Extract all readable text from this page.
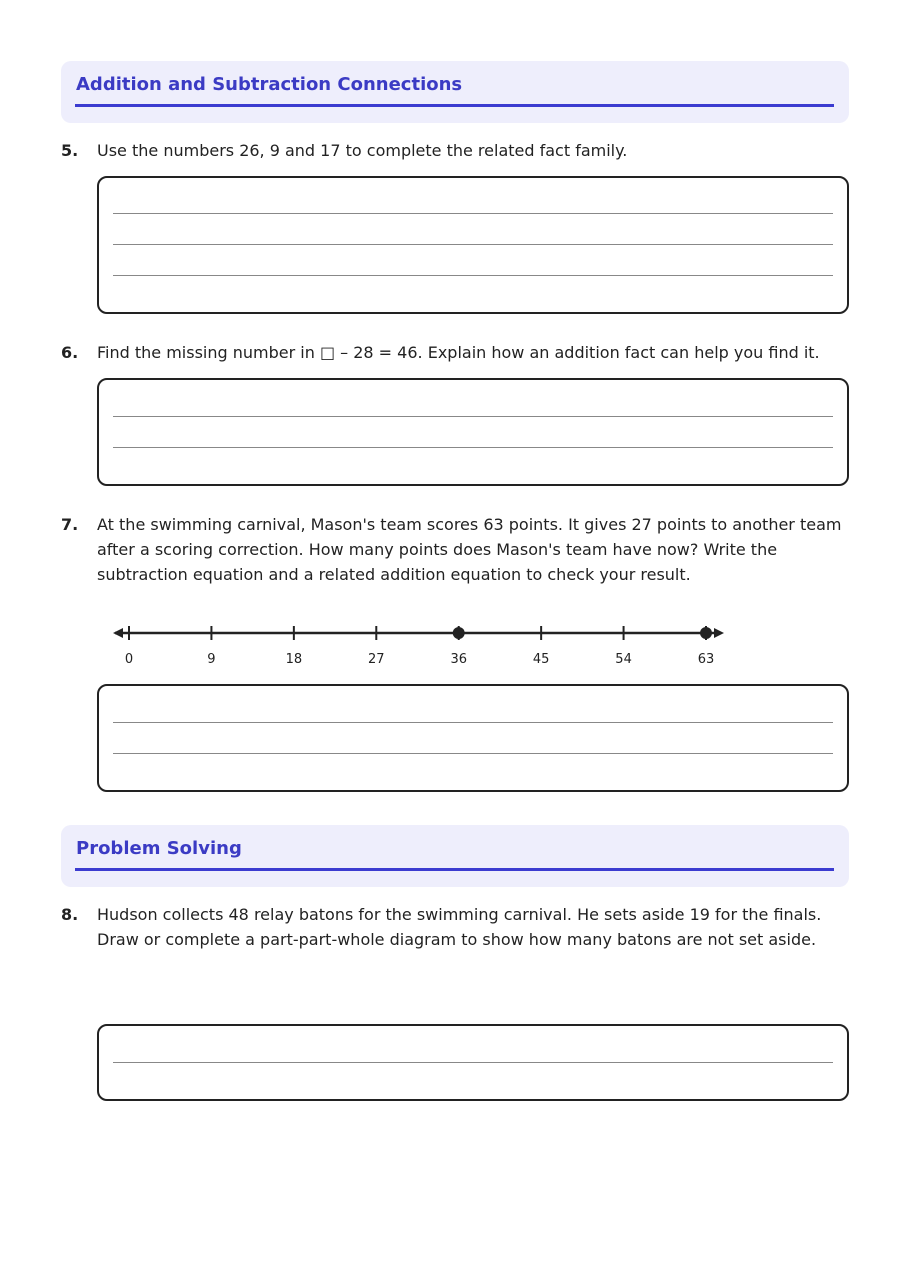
Addition and Subtraction Connections
5.	Use the numbers 26, 9 and 17 to complete the related fact family.
6.	Find the missing number in □ – 28 = 46. Explain how an addition fact can help you find it.
7.	At the swimming carnival, Mason's team scores 63 points. It gives 27 points to another team after a scoring correction. How many points does Mason's team have now? Write the subtraction equation and a related addition equation to check your result.
0	9	18	27	36	45	54	63
Problem Solving
8.	Hudson collects 48 relay batons for the swimming carnival. He sets aside 19 for the finals. Draw or complete a part-part-whole diagram to show how many batons are not set aside.
